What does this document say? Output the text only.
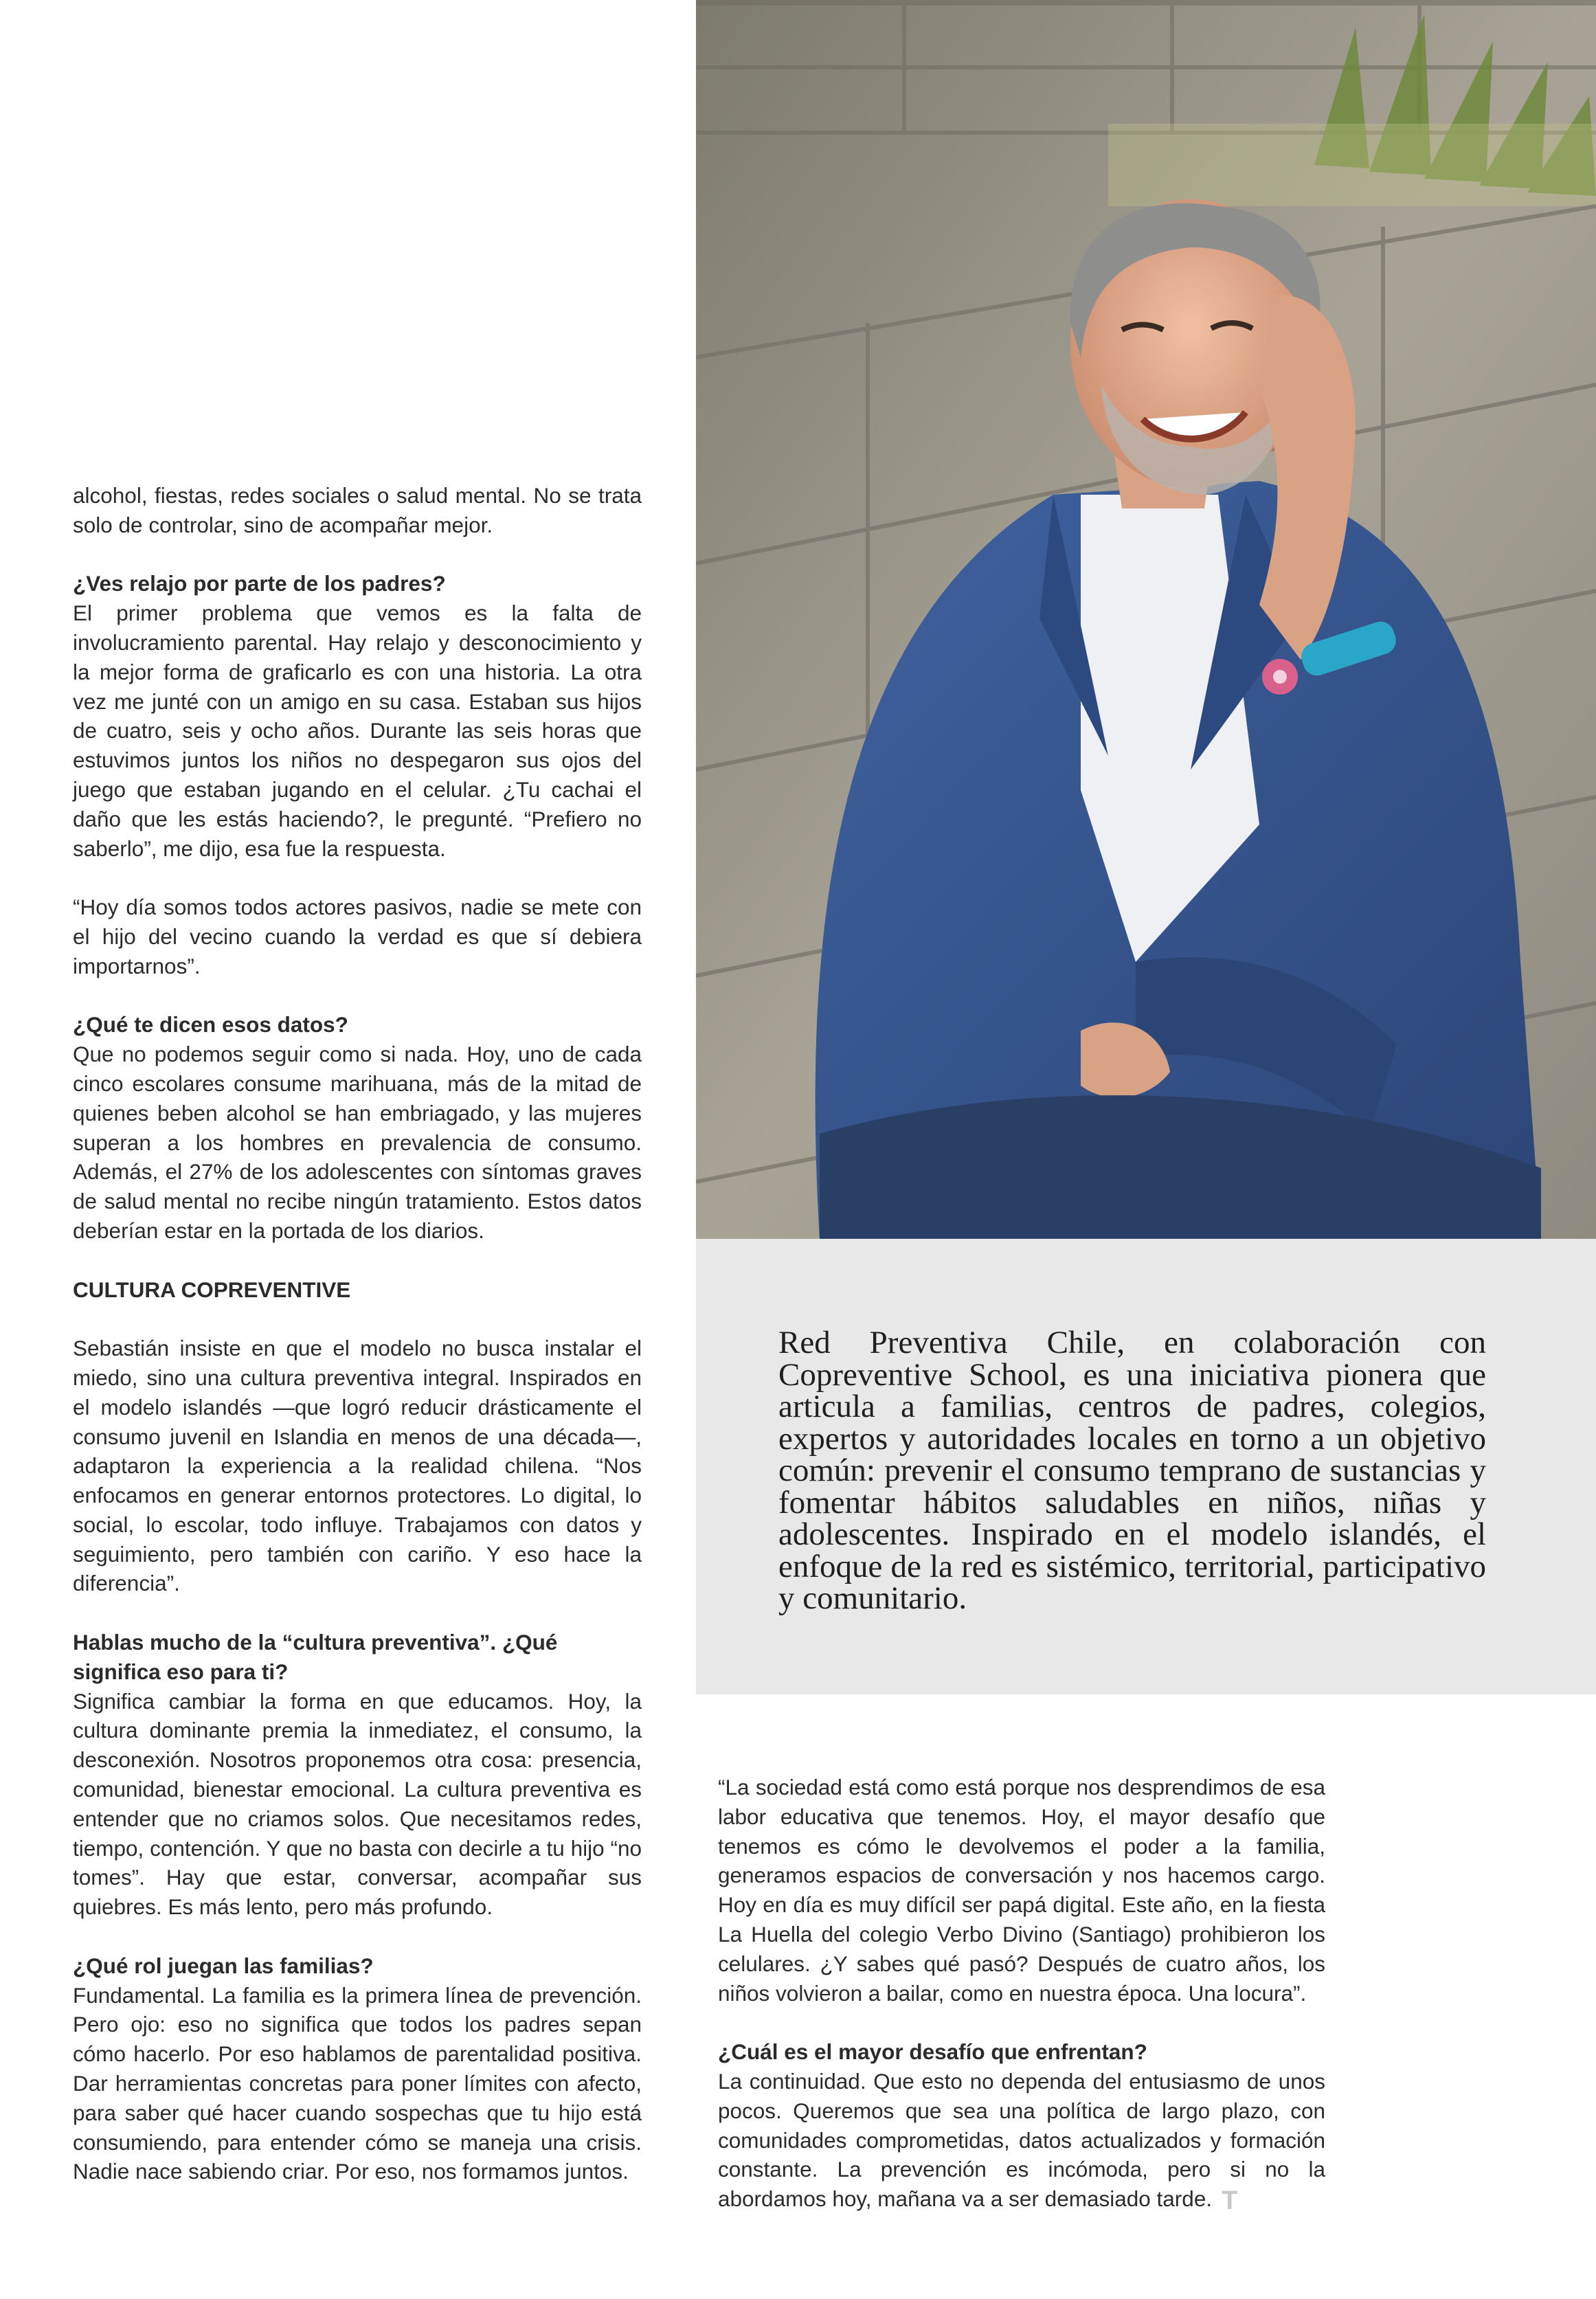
alcohol, fiestas, redes sociales o salud mental. No se trata solo de controlar, sino de acompañar mejor.

¿Ves relajo por parte de los padres?
El primer problema que vemos es la falta de involucramiento parental. Hay relajo y desconocimiento y la mejor forma de graficarlo es con una historia. La otra vez me junté con un amigo en su casa. Estaban sus hijos de cuatro, seis y ocho años. Durante las seis horas que estuvimos juntos los niños no despegaron sus ojos del juego que estaban jugando en el celular. ¿Tu cachai el daño que les estás haciendo?, le pregunté. “Prefiero no saberlo”, me dijo, esa fue la respuesta.

“Hoy día somos todos actores pasivos, nadie se mete con el hijo del vecino cuando la verdad es que sí debiera importarnos”.

¿Qué te dicen esos datos?
Que no podemos seguir como si nada. Hoy, uno de cada cinco escolares consume marihuana, más de la mitad de quienes beben alcohol se han embriagado, y las mujeres superan a los hombres en prevalencia de consumo. Además, el 27% de los adolescentes con síntomas graves de salud mental no recibe ningún tratamiento. Estos datos deberían estar en la portada de los diarios.

CULTURA COPREVENTIVE

Sebastián insiste en que el modelo no busca instalar el miedo, sino una cultura preventiva integral. Inspirados en el modelo islandés —que logró reducir drásticamente el consumo juvenil en Islandia en menos de una década—, adaptaron la experiencia a la realidad chilena. “Nos enfocamos en generar entornos protectores. Lo digital, lo social, lo escolar, todo influye. Trabajamos con datos y seguimiento, pero también con cariño. Y eso hace la diferencia”.

Hablas mucho de la “cultura preventiva”. ¿Qué significa eso para ti?
Significa cambiar la forma en que educamos. Hoy, la cultura dominante premia la inmediatez, el consumo, la desconexión. Nosotros proponemos otra cosa: presencia, comunidad, bienestar emocional. La cultura preventiva es entender que no criamos solos. Que necesitamos redes, tiempo, contención. Y que no basta con decirle a tu hijo “no tomes”. Hay que estar, conversar, acompañar sus quiebres. Es más lento, pero más profundo.

¿Qué rol juegan las familias?
Fundamental. La familia es la primera línea de prevención. Pero ojo: eso no significa que todos los padres sepan cómo hacerlo. Por eso hablamos de parentalidad positiva. Dar herramientas concretas para poner límites con afecto, para saber qué hacer cuando sospechas que tu hijo está consumiendo, para entender cómo se maneja una crisis. Nadie nace sabiendo criar. Por eso, nos formamos juntos.

Red Preventiva Chile, en colaboración con Copreventive School, es una iniciativa pionera que articula a familias, centros de padres, colegios, expertos y autoridades locales en torno a un objetivo común: prevenir el consumo temprano de sustancias y fomentar hábitos saludables en niños, niñas y adolescentes. Inspirado en el modelo islandés, el enfoque de la red es sistémico, territorial, participativo y comunitario.

“La sociedad está como está porque nos desprendimos de esa labor educativa que tenemos. Hoy, el mayor desafío que tenemos es cómo le devolvemos el poder a la familia, generamos espacios de conversación y nos hacemos cargo. Hoy en día es muy difícil ser papá digital. Este año, en la fiesta La Huella del colegio Verbo Divino (Santiago) prohibieron los celulares. ¿Y sabes qué pasó? Después de cuatro años, los niños volvieron a bailar, como en nuestra época. Una locura”.

¿Cuál es el mayor desafío que enfrentan?
La continuidad. Que esto no dependa del entusiasmo de unos pocos. Queremos que sea una política de largo plazo, con comunidades comprometidas, datos actualizados y formación constante. La prevención es incómoda, pero si no la abordamos hoy, mañana va a ser demasiado tarde. T
